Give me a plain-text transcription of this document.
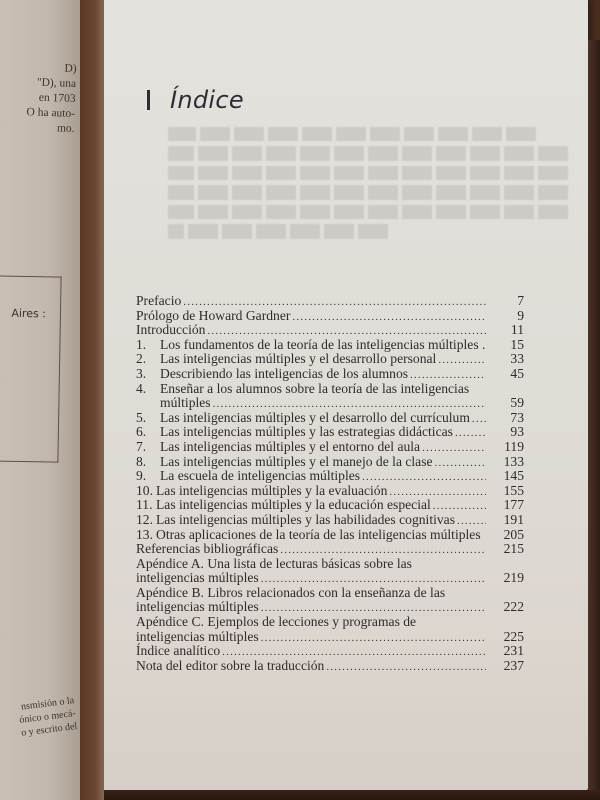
D)
"D), una
en 1703
O ha auto-
mo.
Aires :
nsmisión o la
ónico o mecá-
o y escrito del

Índice
Prefacio .....	7
Prólogo de Howard Gardner .....	9
Introducción .....	11
1.	Los fundamentos de la teoría de las inteligencias múltiples .	15
2.	Las inteligencias múltiples y el desarrollo personal .....	33
3.	Describiendo las inteligencias de los alumnos .....	45
4.	Enseñar a los alumnos sobre la teoría de las inteligencias
múltiples .....	59
5.	Las inteligencias múltiples y el desarrollo del currículum .....	73
6.	Las inteligencias múltiples y las estrategias didácticas .....	93
7.	Las inteligencias múltiples y el entorno del aula .....	119
8.	Las inteligencias múltiples y el manejo de la clase .....	133
9.	La escuela de inteligencias múltiples .....	145
10. Las inteligencias múltiples y la evaluación .....	155
11. Las inteligencias múltiples y la educación especial .....	177
12. Las inteligencias múltiples y las habilidades cognitivas .....	191
13. Otras aplicaciones de la teoría de las inteligencias múltiples	205
Referencias bibliográficas .....	215
Apéndice A. Una lista de lecturas básicas sobre las
inteligencias múltiples .....	219
Apéndice B. Libros relacionados con la enseñanza de las
inteligencias múltiples .....	222
Apéndice C. Ejemplos de lecciones y programas de
inteligencias múltiples .....	225
Índice analítico .....	231
Nota del editor sobre la traducción .....	237
